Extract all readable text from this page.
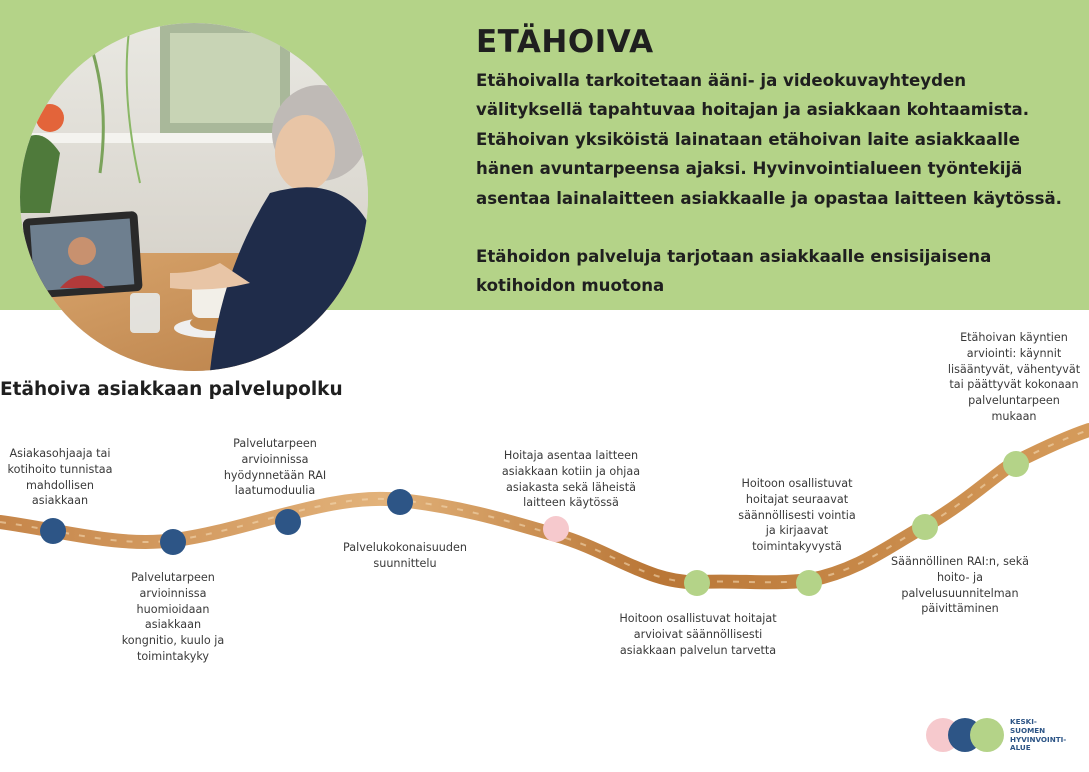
ETÄHOIVA

Etähoivalla tarkoitetaan ääni- ja videokuvayhteyden välityksellä tapahtuvaa hoitajan ja asiakkaan kohtaamista. Etähoivan yksiköistä lainataan etähoivan laite asiakkaalle hänen avuntarpeensa ajaksi. Hyvinvointialueen työntekijä asentaa lainalaitteen asiakkaalle ja opastaa laitteen käytössä.

Etähoidon palveluja tarjotaan asiakkaalle ensisijaisena kotihoidon muotona

Etähoiva asiakkaan palvelupolku

Asiakasohjaaja tai kotihoito tunnistaa mahdollisen asiakkaan

Palvelutarpeen arvioinnissa huomioidaan asiakkaan kongnitio, kuulo ja toimintakyky

Palvelutarpeen arvioinnissa hyödynnetään RAI laatumoduulia

Palvelukokonaisuuden suunnittelu

Hoitaja asentaa laitteen asiakkaan kotiin ja ohjaa asiakasta sekä läheistä laitteen käytössä

Hoitoon osallistuvat hoitajat arvioivat säännöllisesti asiakkaan palvelun tarvetta

Hoitoon osallistuvat hoitajat seuraavat säännöllisesti vointia ja kirjaavat toimintakyvystä

Säännöllinen RAI:n, sekä hoito- ja palvelusuunnitelman päivittäminen

Etähoivan käyntien arviointi: käynnit lisääntyvät, vähentyvät tai päättyvät kokonaan palveluntarpeen mukaan

KESKI-
SUOMEN
HYVINVOINTI-
ALUE
